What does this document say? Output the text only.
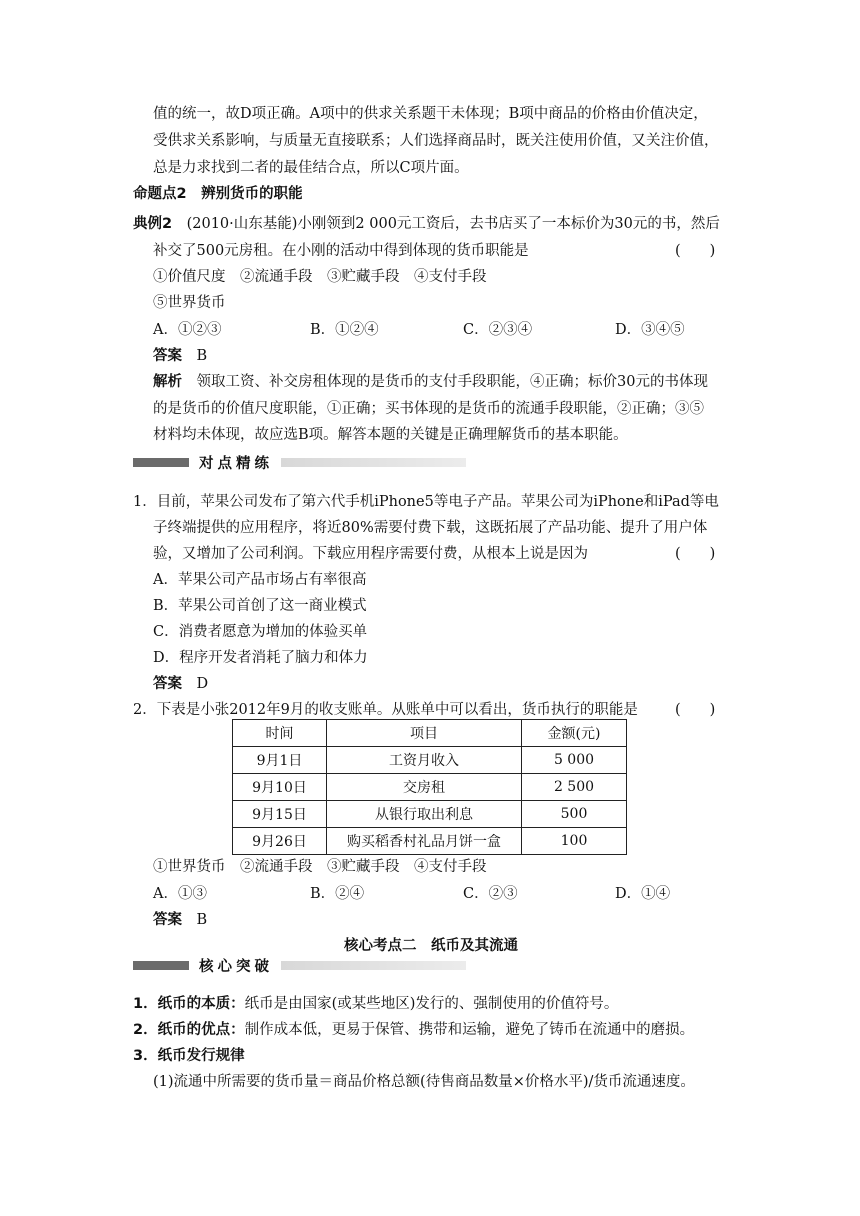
值的统一，故D项正确。A项中的供求关系题干未体现；B项中商品的价格由价值决定，
受供求关系影响，与质量无直接联系；人们选择商品时，既关注使用价值，又关注价值，
总是力求找到二者的最佳结合点，所以C项片面。
命题点2　 辨别货币的职能
典例2　 (2010·山东基能)小刚领到2 000元工资后，去书店买了一本标价为30元的书，然后
补交了500元房租。在小刚的活动中得到体现的货币职能是	(　　)
①价值尺度　②流通手段　③贮藏手段　④支付手段
⑤世界货币
A．①②③	B．①②④	C．②③④	D．③④⑤
答案　 B
解析　 领取工资、补交房租体现的是货币的支付手段职能，④正确；标价30元的书体现
的是货币的价值尺度职能，①正确；买书体现的是货币的流通手段职能，②正确；③⑤
材料均未体现，故应选B项。解答本题的关键是正确理解货币的基本职能。
对点精练
1．目前，苹果公司发布了第六代手机iPhone5等电子产品。苹果公司为iPhone和iPad等电
子终端提供的应用程序，将近80%需要付费下载，这既拓展了产品功能、提升了用户体
验，又增加了公司利润。下载应用程序需要付费，从根本上说是因为	(　　)
A．苹果公司产品市场占有率很高
B．苹果公司首创了这一商业模式
C．消费者愿意为增加的体验买单
D．程序开发者消耗了脑力和体力
答案　 D
2．下表是小张2012年9月的收支账单。从账单中可以看出，货币执行的职能是	(　　)
时间	项目	金额(元)
9月1日	工资月收入	5 000
9月10日	交房租	2 500
9月15日	从银行取出利息	500
9月26日	购买稻香村礼品月饼一盒	100
①世界货币　②流通手段　③贮藏手段　④支付手段
A．①③	B．②④	C．②③	D．①④
答案　 B
核心考点二　纸币及其流通
核心突破
1．纸币的本质：纸币是由国家(或某些地区)发行的、强制使用的价值符号。
2．纸币的优点：制作成本低，更易于保管、携带和运输，避免了铸币在流通中的磨损。
3．纸币发行规律
(1)流通中所需要的货币量＝商品价格总额(待售商品数量×价格水平)/货币流通速度。
